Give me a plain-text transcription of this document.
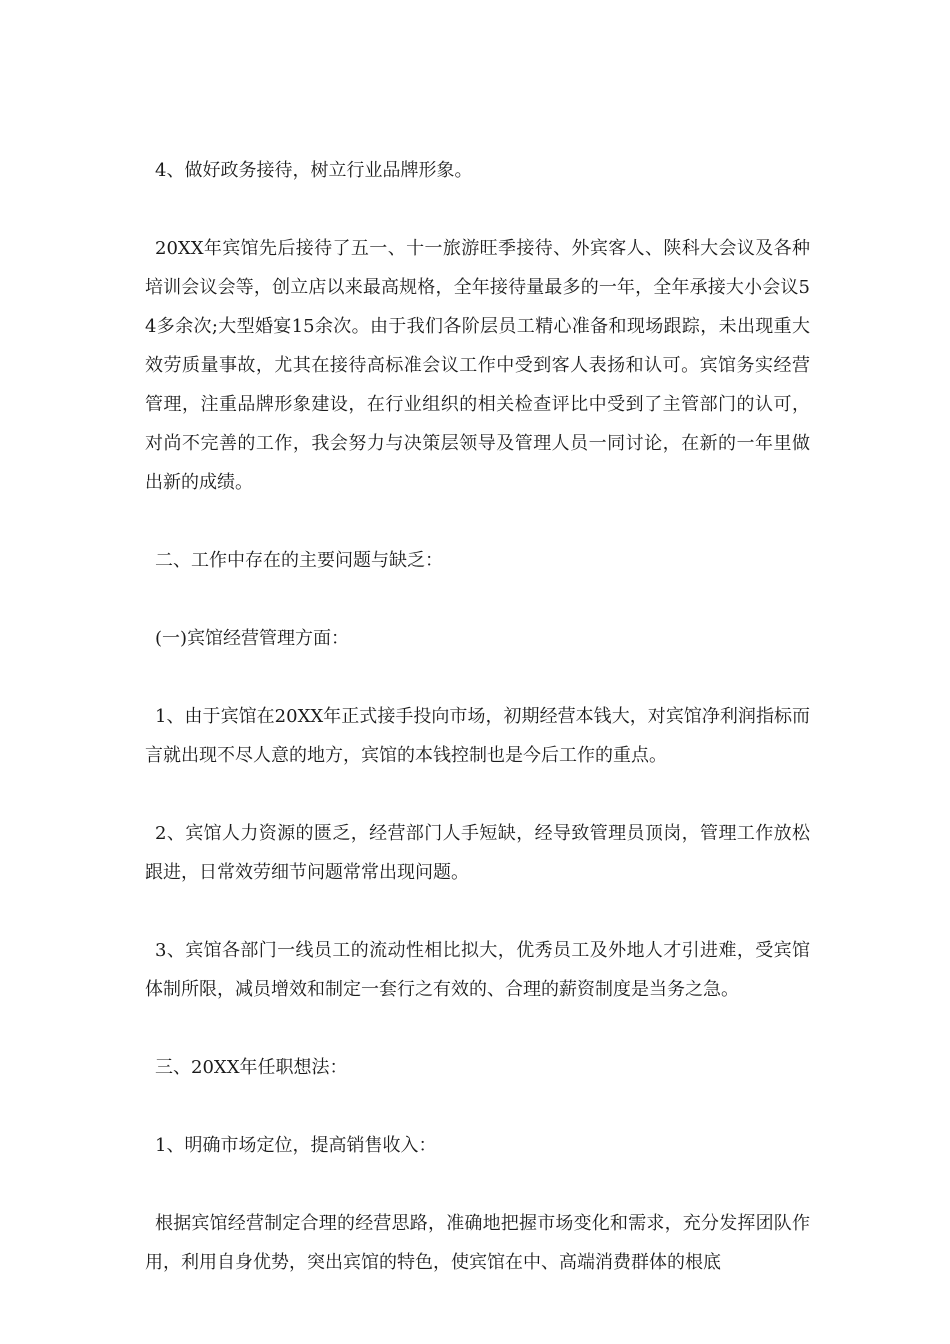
4、做好政务接待，树立行业品牌形象。

20XX年宾馆先后接待了五一、十一旅游旺季接待、外宾客人、陕科大会议及各种培训会议会等，创立店以来最高规格，全年接待量最多的一年，全年承接大小会议54多余次;大型婚宴15余次。由于我们各阶层员工精心准备和现场跟踪，未出现重大效劳质量事故，尤其在接待高标准会议工作中受到客人表扬和认可。宾馆务实经营管理，注重品牌形象建设，在行业组织的相关检查评比中受到了主管部门的认可，对尚不完善的工作，我会努力与决策层领导及管理人员一同讨论，在新的一年里做出新的成绩。

二、工作中存在的主要问题与缺乏：

(一)宾馆经营管理方面：

1、由于宾馆在20XX年正式接手投向市场，初期经营本钱大，对宾馆净利润指标而言就出现不尽人意的地方，宾馆的本钱控制也是今后工作的重点。

2、宾馆人力资源的匮乏，经营部门人手短缺，经导致管理员顶岗，管理工作放松跟进，日常效劳细节问题常常出现问题。

3、宾馆各部门一线员工的流动性相比拟大，优秀员工及外地人才引进难，受宾馆体制所限，减员增效和制定一套行之有效的、合理的薪资制度是当务之急。

三、20XX年任职想法：

1、明确市场定位，提高销售收入：

根据宾馆经营制定合理的经营思路，准确地把握市场变化和需求，充分发挥团队作用，利用自身优势，突出宾馆的特色，使宾馆在中、高端消费群体的根底
